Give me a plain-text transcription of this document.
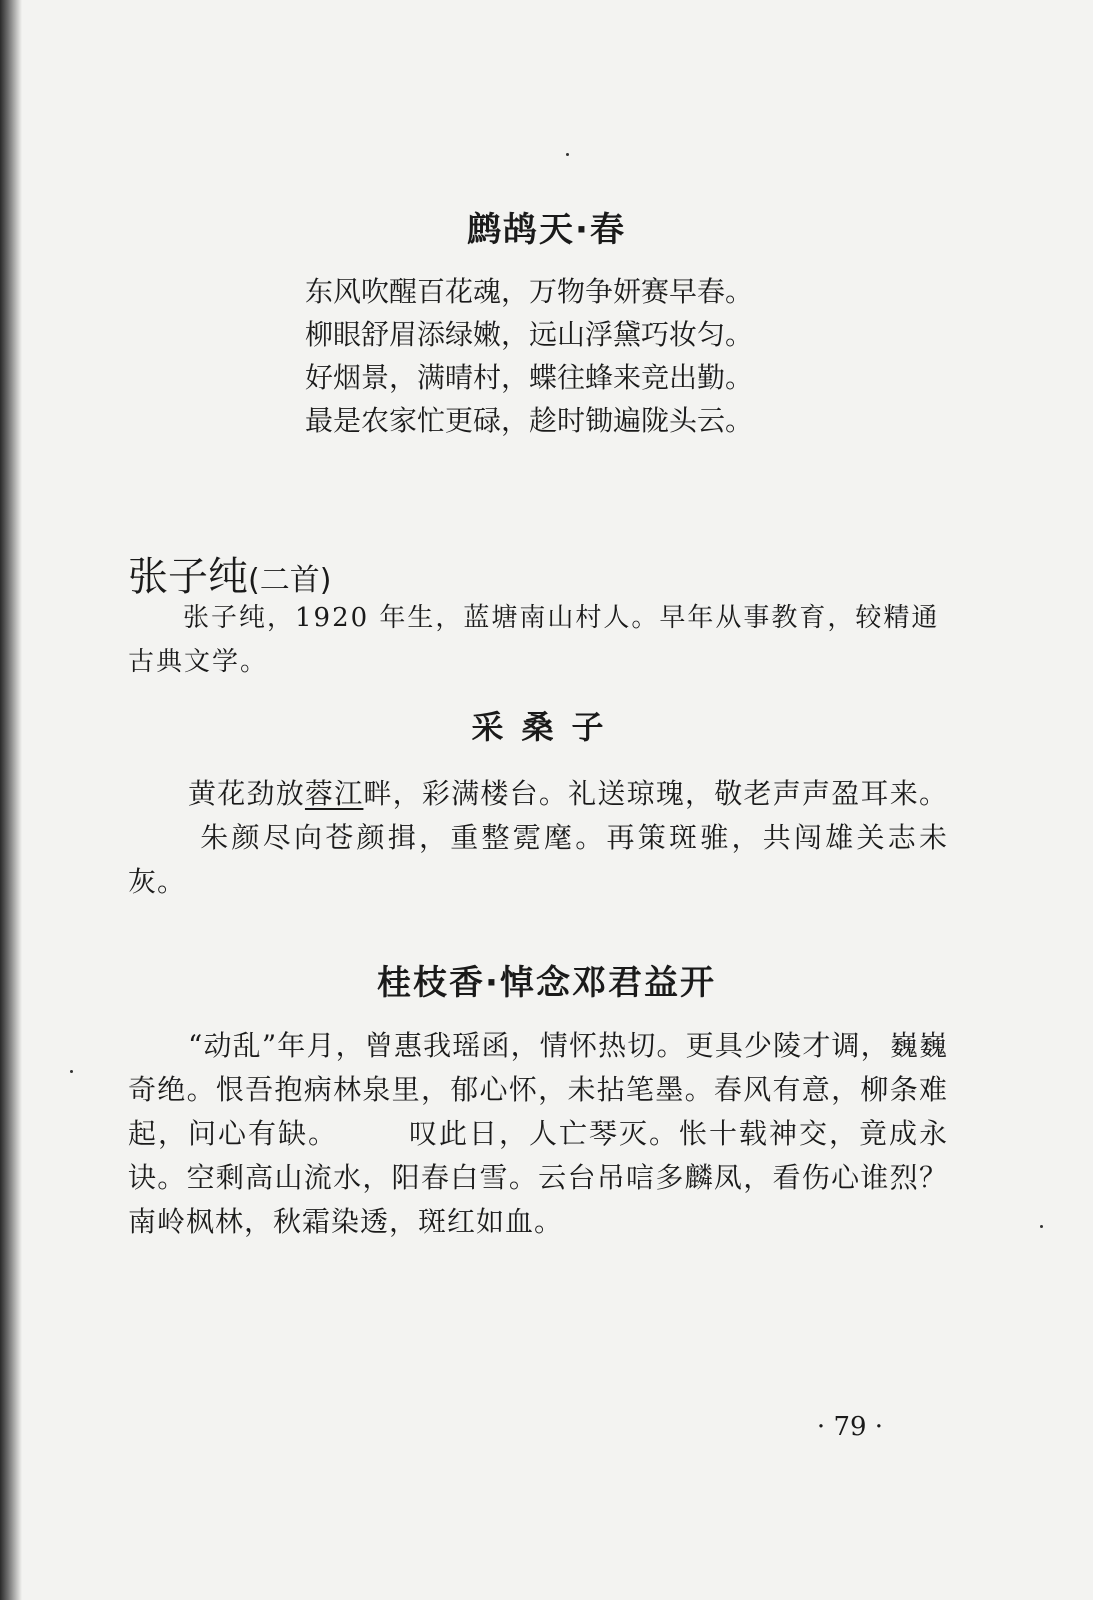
鹧鸪天·春
东风吹醒百花魂，万物争妍赛早春。
柳眼舒眉添绿嫩，远山浮黛巧妆匀。
好烟景，满晴村，蝶往蜂来竞出勤。
最是农家忙更碌，趁时锄遍陇头云。
张子纯(二首)
张子纯，1920 年生，蓝塘南山村人。早年从事教育，较精通古典文学。
采桑子
黄花劲放蓉江畔，彩满楼台。礼送琼瑰，敬老声声盈耳来。朱颜尽向苍颜揖，重整霓麾。再策斑骓，共闯雄关志未灰。
桂枝香·悼念邓君益开
“动乱”年月，曾惠我瑶函，情怀热切。更具少陵才调，巍巍奇绝。恨吾抱病林泉里，郁心怀，未拈笔墨。春风有意，柳条难起，问心有缺。	叹此日，人亡琴灭。怅十载神交，竟成永诀。空剩高山流水，阳春白雪。云台吊唁多麟凤，看伤心谁烈？南岭枫林，秋霜染透，斑红如血。
· 79 ·
